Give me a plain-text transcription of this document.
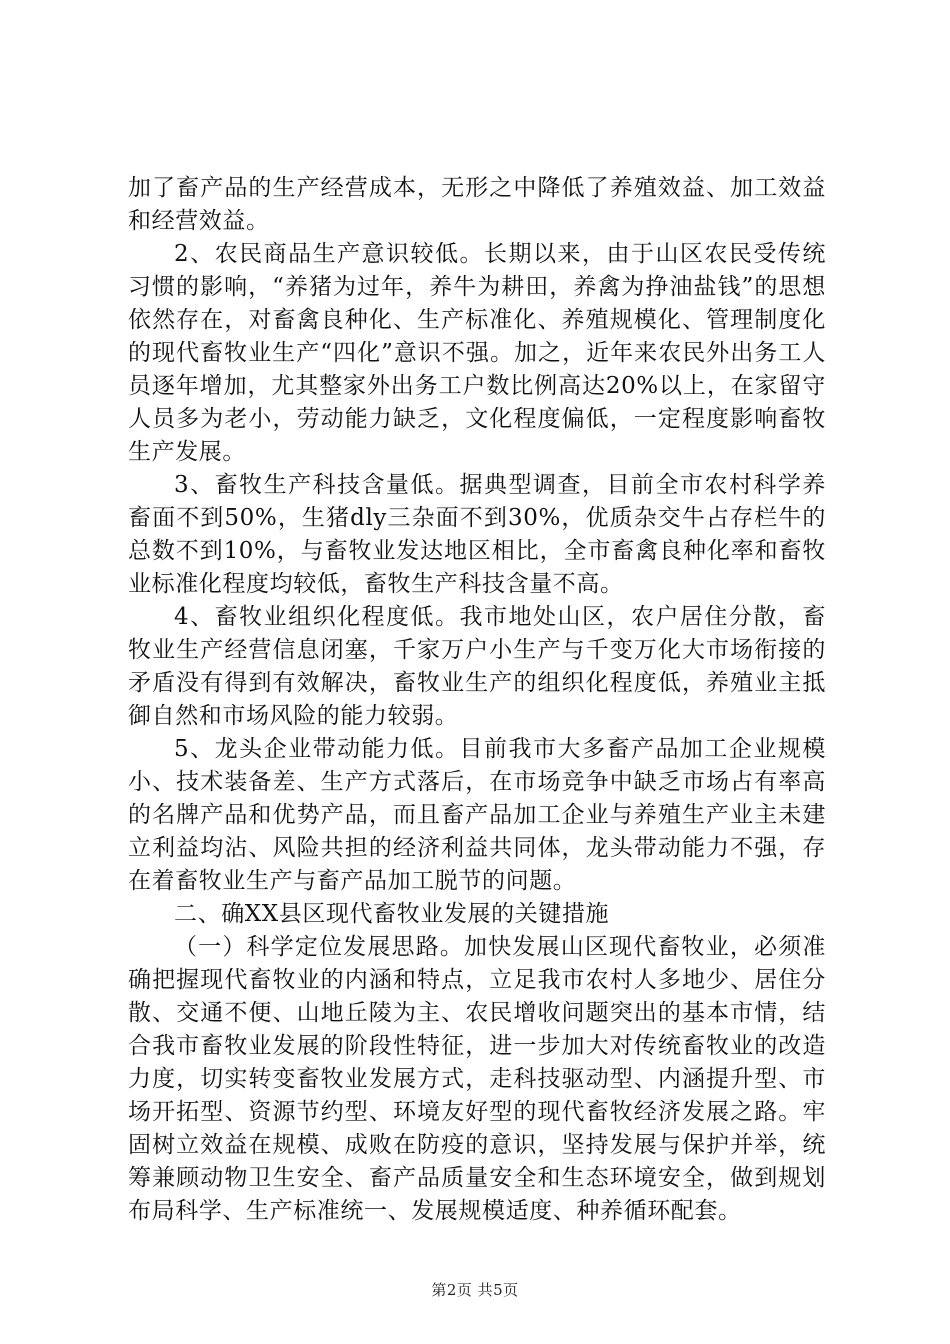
加了畜产品的生产经营成本，无形之中降低了养殖效益、加工效益和经营效益。

2、农民商品生产意识较低。长期以来，由于山区农民受传统习惯的影响，“养猪为过年，养牛为耕田，养禽为挣油盐钱”的思想依然存在，对畜禽良种化、生产标准化、养殖规模化、管理制度化的现代畜牧业生产“四化”意识不强。加之，近年来农民外出务工人员逐年增加，尤其整家外出务工户数比例高达20%以上，在家留守人员多为老小，劳动能力缺乏，文化程度偏低，一定程度影响畜牧生产发展。

3、畜牧生产科技含量低。据典型调查，目前全市农村科学养畜面不到50%，生猪dly三杂面不到30%，优质杂交牛占存栏牛的总数不到10%，与畜牧业发达地区相比，全市畜禽良种化率和畜牧业标准化程度均较低，畜牧生产科技含量不高。

4、畜牧业组织化程度低。我市地处山区，农户居住分散，畜牧业生产经营信息闭塞，千家万户小生产与千变万化大市场衔接的矛盾没有得到有效解决，畜牧业生产的组织化程度低，养殖业主抵御自然和市场风险的能力较弱。

5、龙头企业带动能力低。目前我市大多畜产品加工企业规模小、技术装备差、生产方式落后，在市场竞争中缺乏市场占有率高的名牌产品和优势产品，而且畜产品加工企业与养殖生产业主未建立利益均沾、风险共担的经济利益共同体，龙头带动能力不强，存在着畜牧业生产与畜产品加工脱节的问题。

二、确XX县区现代畜牧业发展的关键措施

（一）科学定位发展思路。加快发展山区现代畜牧业，必须准确把握现代畜牧业的内涵和特点，立足我市农村人多地少、居住分散、交通不便、山地丘陵为主、农民增收问题突出的基本市情，结合我市畜牧业发展的阶段性特征，进一步加大对传统畜牧业的改造力度，切实转变畜牧业发展方式，走科技驱动型、内涵提升型、市场开拓型、资源节约型、环境友好型的现代畜牧经济发展之路。牢固树立效益在规模、成败在防疫的意识，坚持发展与保护并举，统筹兼顾动物卫生安全、畜产品质量安全和生态环境安全，做到规划布局科学、生产标准统一、发展规模适度、种养循环配套。

第2页 共5页
